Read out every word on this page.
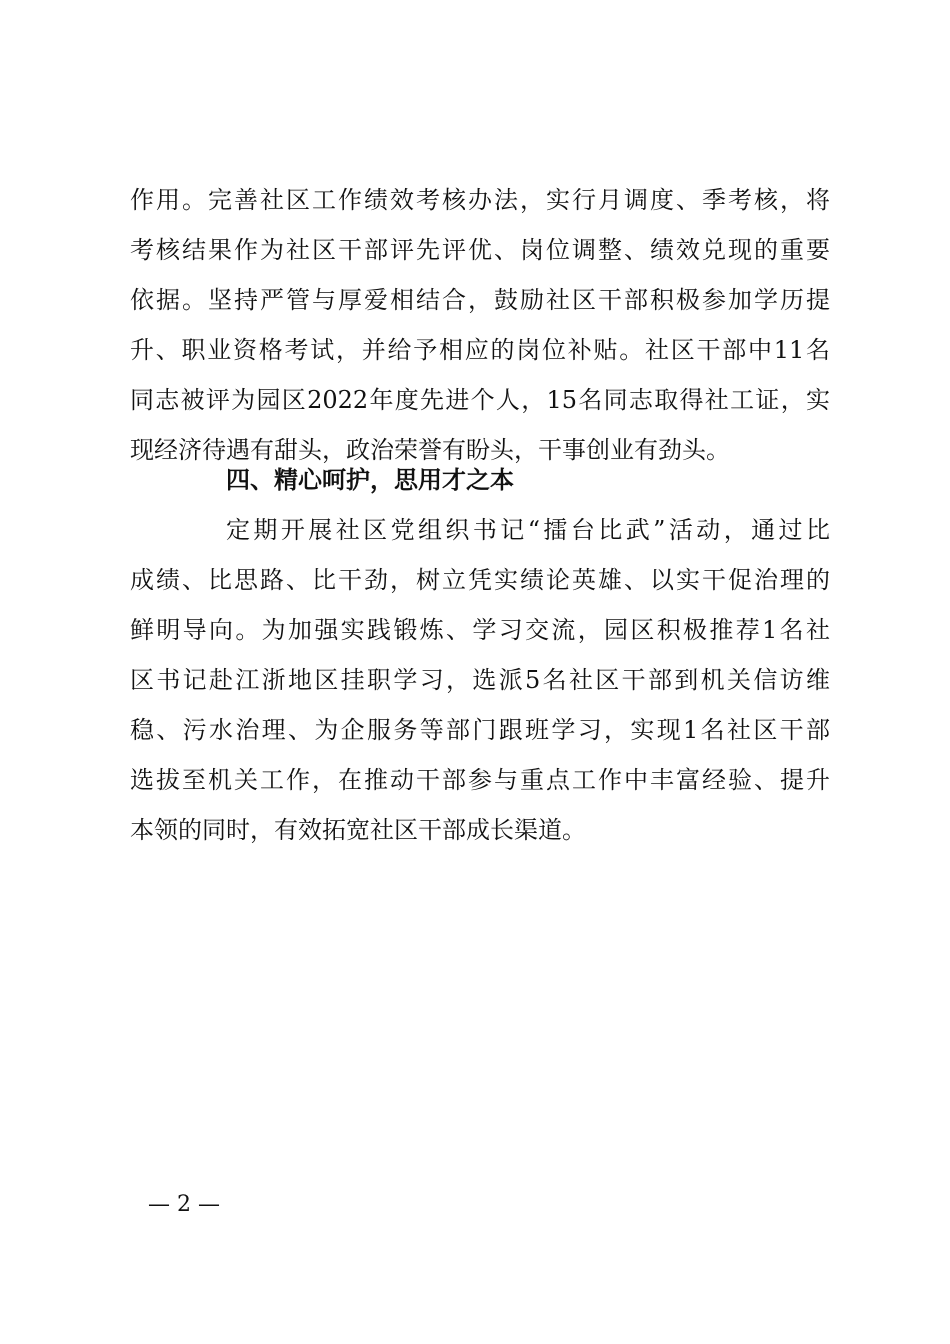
作用。完善社区工作绩效考核办法，实行月调度、季考核，将
考核结果作为社区干部评先评优、岗位调整、绩效兑现的重要
依据。坚持严管与厚爱相结合，鼓励社区干部积极参加学历提
升、职业资格考试，并给予相应的岗位补贴。社区干部中11名
同志被评为园区2022年度先进个人，15名同志取得社工证，实
现经济待遇有甜头，政治荣誉有盼头，干事创业有劲头。
四、精心呵护，思用才之本
定期开展社区党组织书记“擂台比武”活动，通过比
成绩、比思路、比干劲，树立凭实绩论英雄、以实干促治理的
鲜明导向。为加强实践锻炼、学习交流，园区积极推荐1名社
区书记赴江浙地区挂职学习，选派5名社区干部到机关信访维
稳、污水治理、为企服务等部门跟班学习，实现1名社区干部
选拔至机关工作，在推动干部参与重点工作中丰富经验、提升
本领的同时，有效拓宽社区干部成长渠道。
— 2 —
